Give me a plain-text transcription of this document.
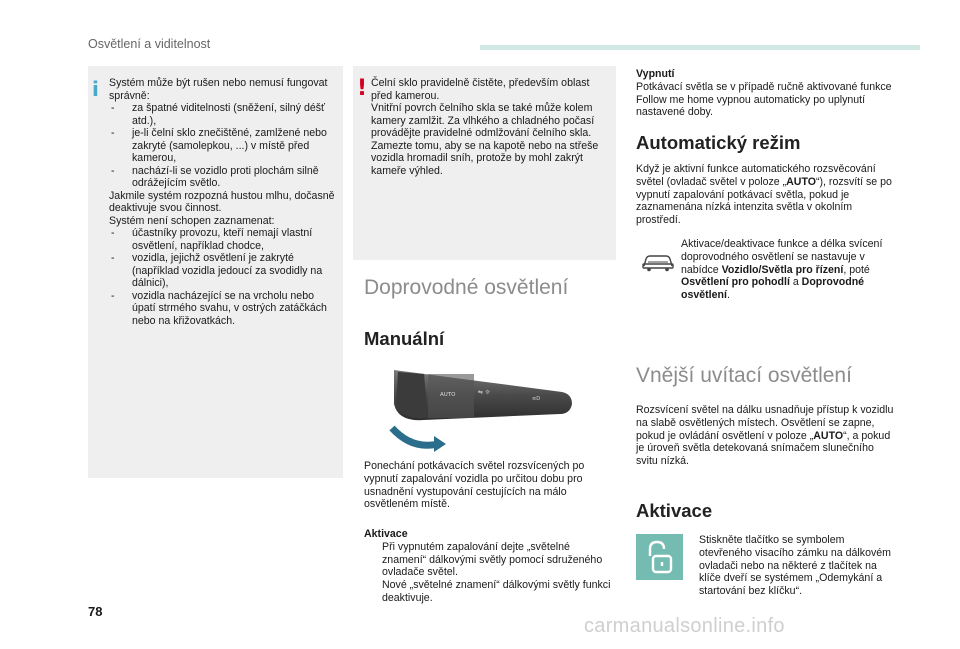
Osvětlení a viditelnost
i Systém může být rušen nebo nemusí fungovat správně:

-	za špatné viditelnosti (sněžení, silný déšť atd.),
-	je-li čelní sklo znečištěné, zamlžené nebo zakryté (samolepkou, ...) v místě před kamerou,
-	nachází-li se vozidlo proti plochám silně odrážejícím světlo.

Jakmile systém rozpozná hustou mlhu, dočasně deaktivuje svou činnost.

Systém není schopen zaznamenat:

-	účastníky provozu, kteří nemají vlastní osvětlení, například chodce,
-	vozidla, jejichž osvětlení je zakryté (například vozidla jedoucí za svodidly na dálnici),
-	vozidla nacházející se na vrcholu nebo úpatí strmého svahu, v ostrých zatáčkách nebo na křižovatkách.
! Čelní sklo pravidelně čistěte, především oblast před kamerou.

Vnitřní povrch čelního skla se také může kolem kamery zamlžit. Za vlhkého a chladného počasí provádějte pravidelné odmlžování čelního skla.

Zamezte tomu, aby se na kapotě nebo na střeše vozidla hromadil sníh, protože by mohl zakrýt kameře výhled.

Doprovodné osvětlení
Manuální
AUTO	⇋ ☼
≡D

Ponechání potkávacích světel rozsvícených po vypnutí zapalování vozidla po určitou dobu pro usnadnění vystupování cestujících na málo osvětleném místě.

Aktivace
Při vypnutém zapalování dejte „světelné znamení“ dálkovými světly pomocí sdruženého ovladače světel.
Nové „světelné znamení“ dálkovými světly funkci deaktivuje.
Vypnutí
Potkávací světla se v případě ručně aktivované funkce Follow me home vypnou automaticky po uplynutí nastavené doby.
Automatický režim

Když je aktivní funkce automatického rozsvěcování světel (ovladač světel v poloze „AUTO“), rozsvítí se po vypnutí zapalování potkávací světla, pokud je zaznamenána nízká intenzita světla v okolním prostředí.

Aktivace/deaktivace funkce a délka svícení doprovodného osvětlení se nastavuje v nabídce Vozidlo/Světla pro řízení, poté Osvětlení pro pohodlí a Doprovodné osvětlení.

Vnější uvítací osvětlení

Rozsvícení světel na dálku usnadňuje přístup k vozidlu na slabě osvětlených místech. Osvětlení se zapne, pokud je ovládání osvětlení v poloze „AUTO“, a pokud je úroveň světla detekovaná snímačem slunečního svitu nízká.

Aktivace
Stiskněte tlačítko se symbolem otevřeného visacího zámku na dálkovém ovladači nebo na některé z tlačítek na klíče dveří se systémem „Odemykání a startování bez klíčku“.
78
carmanualsonline.info
